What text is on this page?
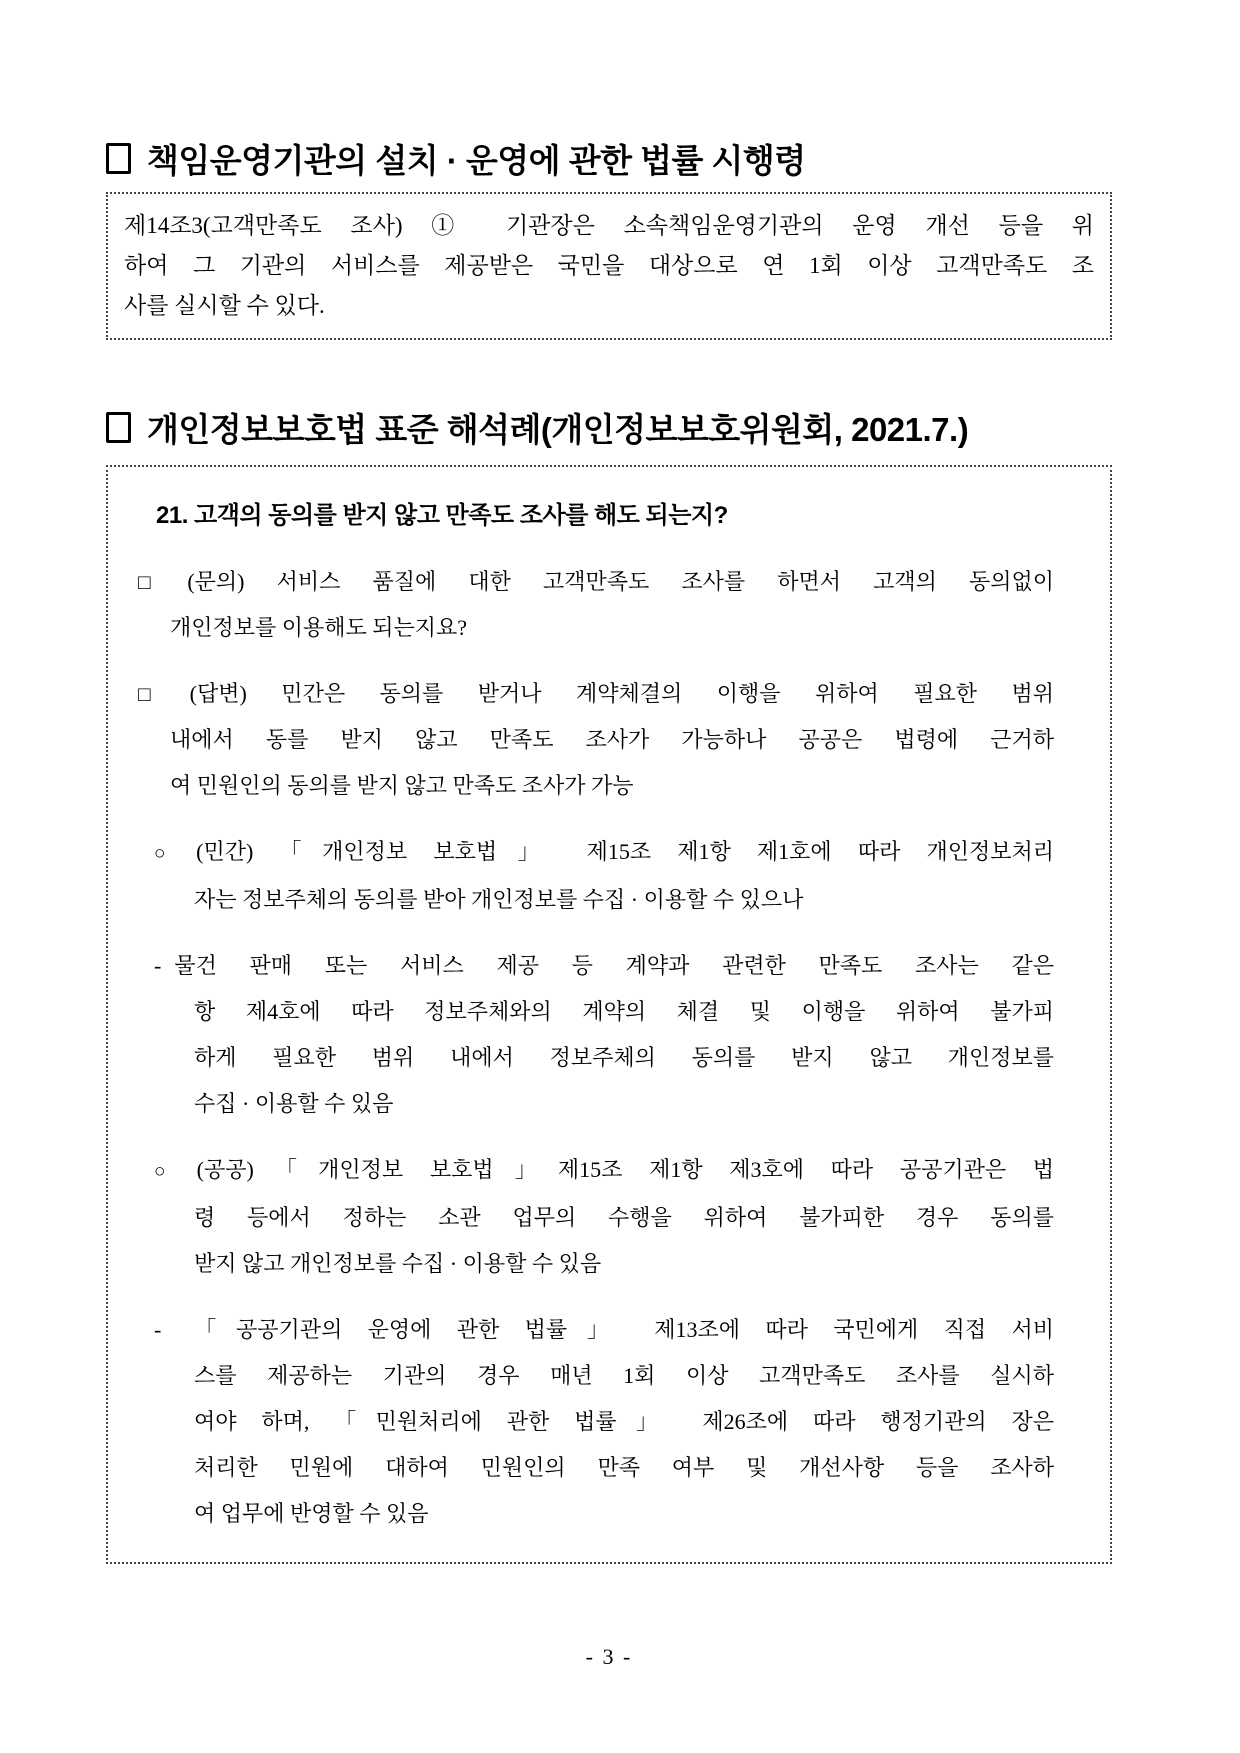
책임운영기관의 설치 · 운영에 관한 법률 시행령
제14조3(고객만족도 조사) ① 기관장은 소속책임운영기관의 운영 개선 등을 위
하여 그 기관의 서비스를 제공받은 국민을 대상으로 연 1회 이상 고객만족도 조
사를 실시할 수 있다.
개인정보보호법 표준 해석례(개인정보보호위원회, 2021.7.)
21. 고객의 동의를 받지 않고 만족도 조사를 해도 되는지?
□ (문의) 서비스 품질에 대한 고객만족도 조사를 하면서 고객의 동의없이
개인정보를 이용해도 되는지요?
□ (답변) 민간은 동의를 받거나 계약체결의 이행을 위하여 필요한 범위
내에서 동를 받지 않고 만족도 조사가 가능하나 공공은 법령에 근거하
여 민원인의 동의를 받지 않고 만족도 조사가 가능
○ (민간) 「개인정보 보호법」 제15조 제1항 제1호에 따라 개인정보처리
자는 정보주체의 동의를 받아 개인정보를 수집 · 이용할 수 있으나
- 물건 판매 또는 서비스 제공 등 계약과 관련한 만족도 조사는 같은
항 제4호에 따라 정보주체와의 계약의 체결 및 이행을 위하여 불가피
하게 필요한 범위 내에서 정보주체의 동의를 받지 않고 개인정보를
수집 · 이용할 수 있음
○ (공공)「개인정보 보호법」제15조 제1항 제3호에 따라 공공기관은 법
령 등에서 정하는 소관 업무의 수행을 위하여 불가피한 경우 동의를
받지 않고 개인정보를 수집 · 이용할 수 있음
- 「공공기관의 운영에 관한 법률」 제13조에 따라 국민에게 직접 서비
스를 제공하는 기관의 경우 매년 1회 이상 고객만족도 조사를 실시하
여야 하며, 「민원처리에 관한 법률」 제26조에 따라 행정기관의 장은
처리한 민원에 대하여 민원인의 만족 여부 및 개선사항 등을 조사하
여 업무에 반영할 수 있음
- 3 -
